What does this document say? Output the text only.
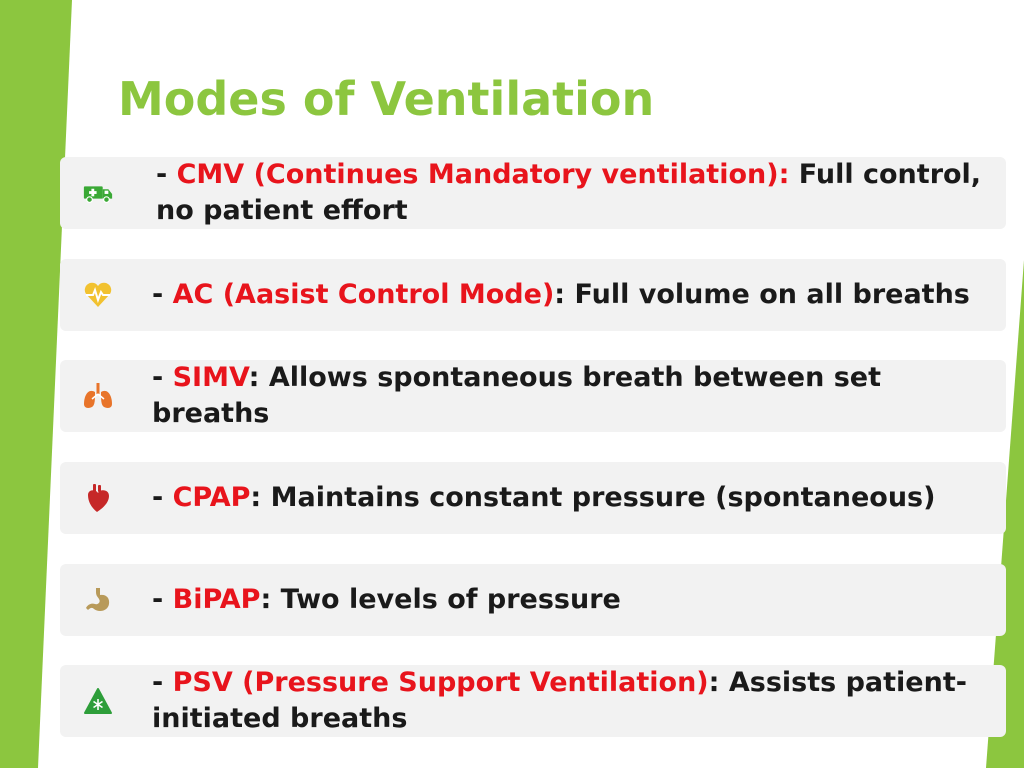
Modes of Ventilation
- CMV (Continues Mandatory ventilation): Full control, no patient effort
- AC (Aasist Control Mode): Full volume on all breaths
- SIMV: Allows spontaneous breath between set breaths
- CPAP: Maintains constant pressure (spontaneous)
- BiPAP: Two levels of pressure
- PSV (Pressure Support Ventilation): Assists patient-initiated breaths
